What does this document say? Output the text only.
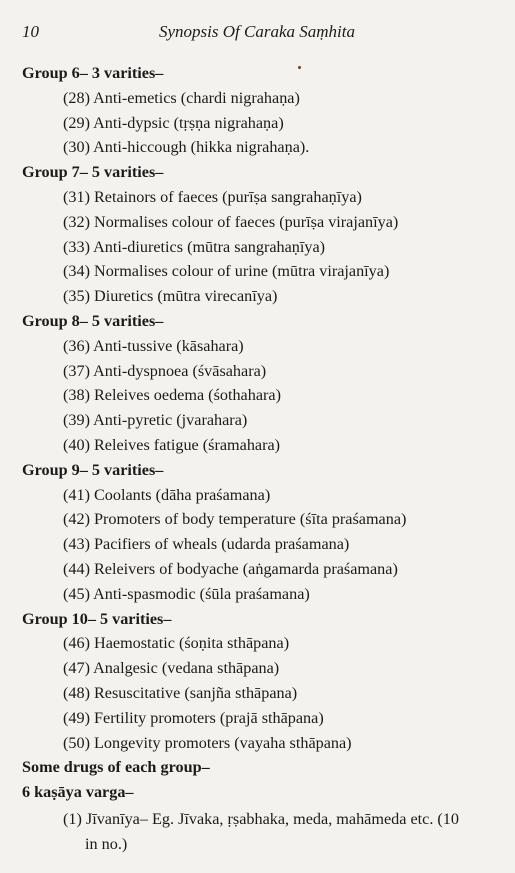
10	Synopsis Of Caraka Saṃhita
Group 6– 3 varities–
(28) Anti-emetics (chardi nigrahaṇa)
(29) Anti-dypsic (tṛṣṇa nigrahaṇa)
(30) Anti-hiccough (hikka nigrahaṇa).
Group 7– 5 varities–
(31) Retainors of faeces (purīṣa sangrahaṇīya)
(32) Normalises colour of faeces (purīṣa virajanīya)
(33) Anti-diuretics (mūtra sangrahaṇīya)
(34) Normalises colour of urine (mūtra virajanīya)
(35) Diuretics (mūtra virecanīya)
Group 8– 5 varities–
(36) Anti-tussive (kāsahara)
(37) Anti-dyspnoea (śvāsahara)
(38) Releives oedema (śothahara)
(39) Anti-pyretic (jvarahara)
(40) Releives fatigue (śramahara)
Group 9– 5 varities–
(41) Coolants (dāha praśamana)
(42) Promoters of body temperature (śīta praśamana)
(43) Pacifiers of wheals (udarda praśamana)
(44) Releivers of bodyache (aṅgamarda praśamana)
(45) Anti-spasmodic (śūla praśamana)
Group 10– 5 varities–
(46) Haemostatic (śoṇita sthāpana)
(47) Analgesic (vedana sthāpana)
(48) Resuscitative (sanjña sthāpana)
(49) Fertility promoters (prajā sthāpana)
(50) Longevity promoters (vayaha sthāpana)
Some drugs of each group–
6 kaṣāya varga–
(1) Jīvanīya– Eg. Jīvaka, ṛṣabhaka, meda, mahāmeda etc. (10
in no.)
